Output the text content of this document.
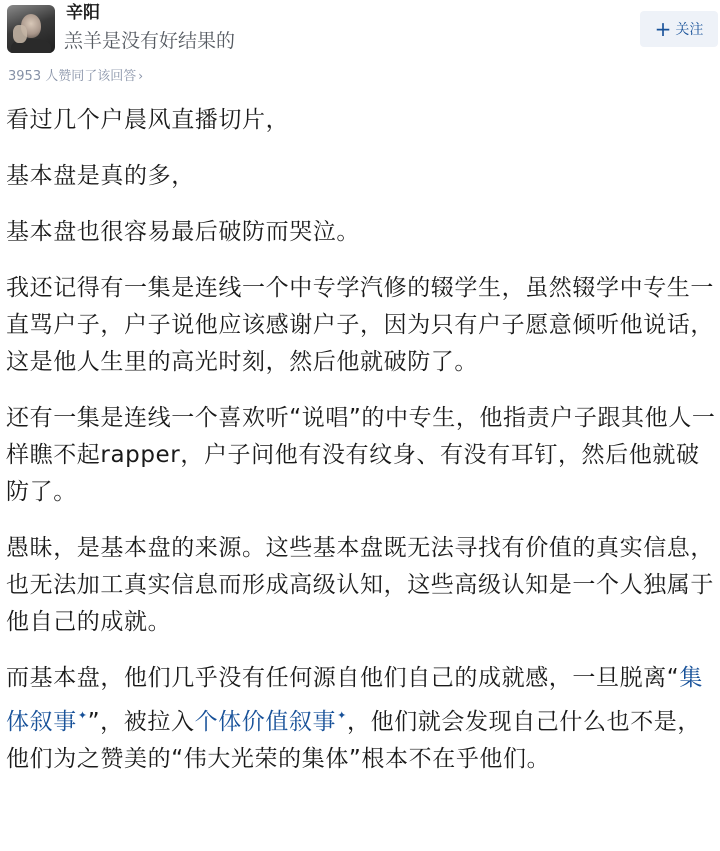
辛阳
羔羊是没有好结果的	+ 关注
3953 人赞同了该回答 ›

看过几个户晨风直播切片，

基本盘是真的多，

基本盘也很容易最后破防而哭泣。

我还记得有一集是连线一个中专学汽修的辍学生，虽然辍学中专生一直骂户子，户子说他应该感谢户子，因为只有户子愿意倾听他说话，这是他人生里的高光时刻，然后他就破防了。

还有一集是连线一个喜欢听“说唱”的中专生，他指责户子跟其他人一样瞧不起rapper，户子问他有没有纹身、有没有耳钉，然后他就破防了。

愚昧，是基本盘的来源。这些基本盘既无法寻找有价值的真实信息，也无法加工真实信息而形成高级认知，这些高级认知是一个人独属于他自己的成就。

而基本盘，他们几乎没有任何源自他们自己的成就感，一旦脱离“集体叙事✦”，被拉入个体价值叙事✦，他们就会发现自己什么也不是，他们为之赞美的“伟大光荣的集体”根本不在乎他们。
